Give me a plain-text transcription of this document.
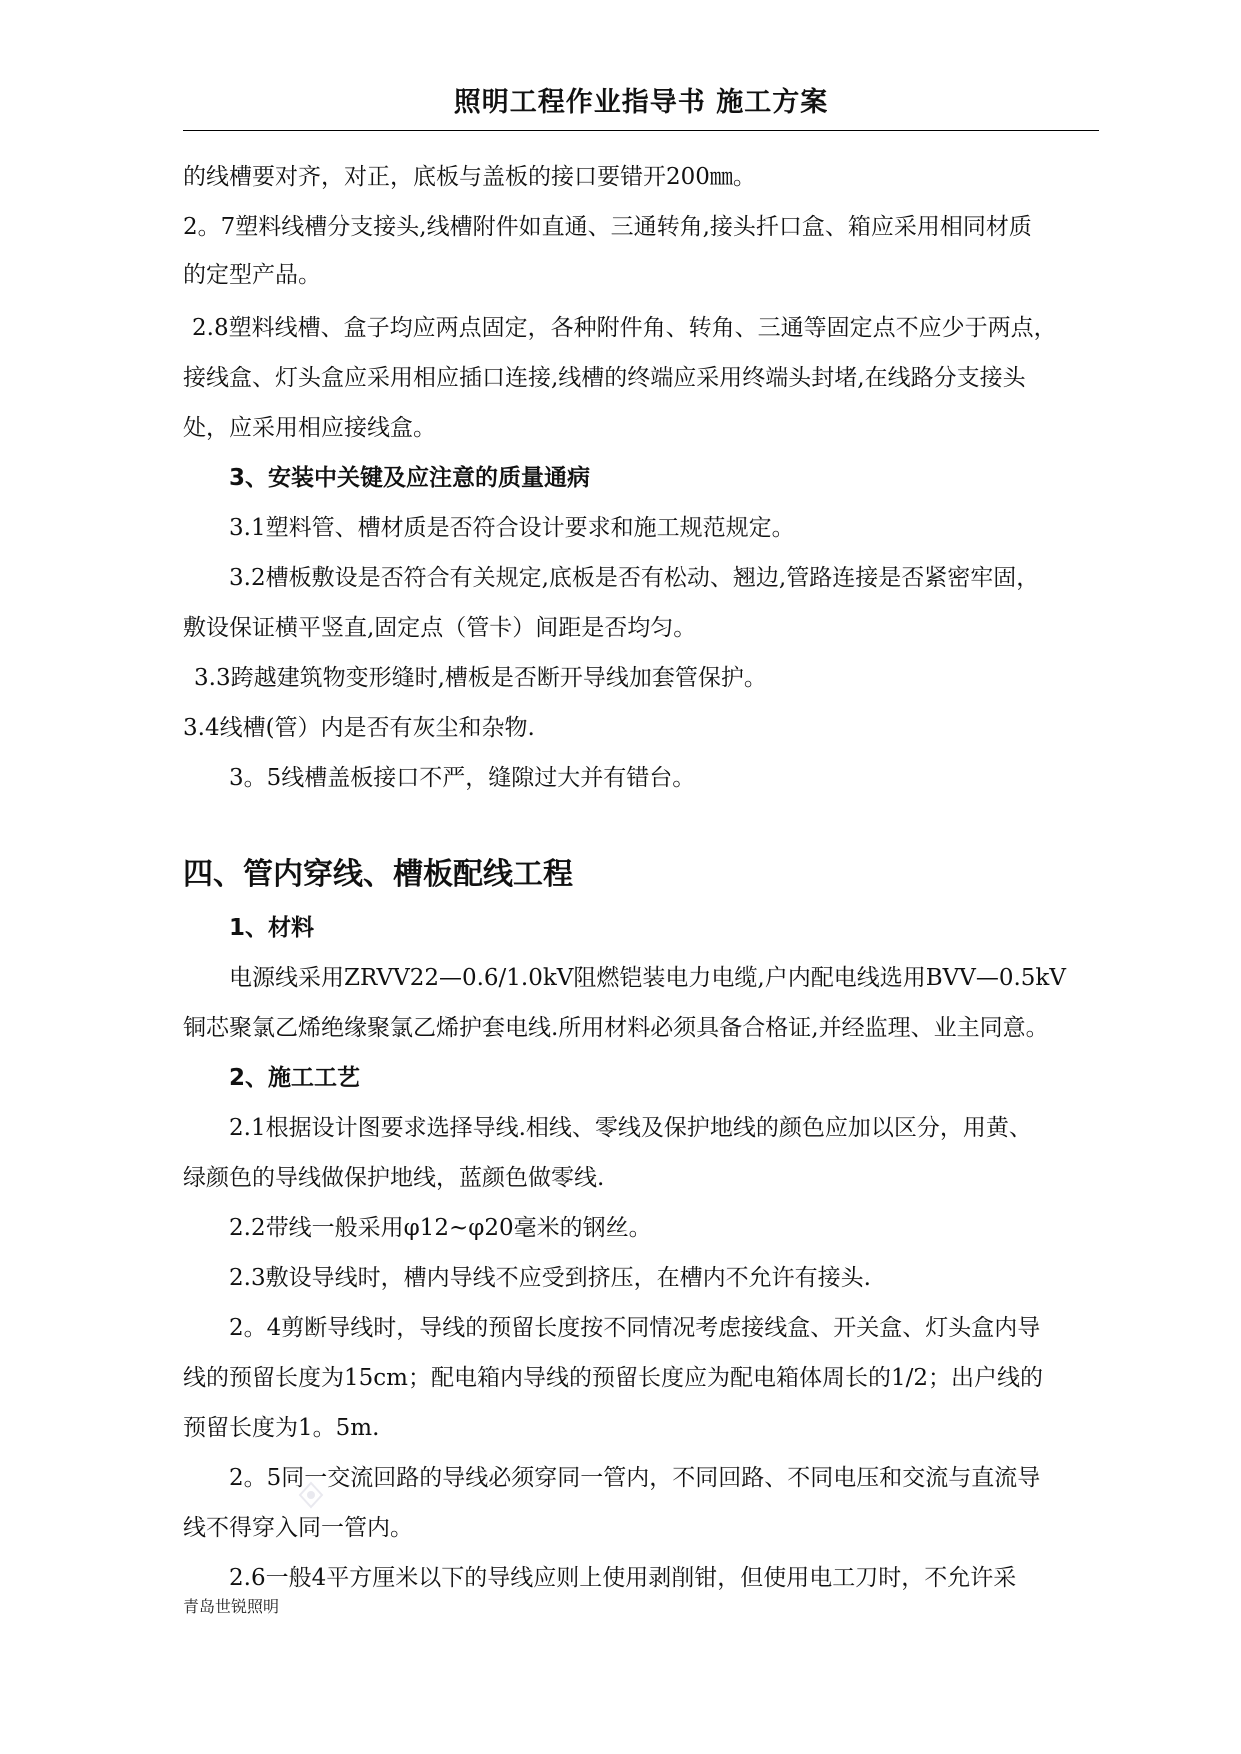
照明工程作业指导书 施工方案
的线槽要对齐，对正，底板与盖板的接口要错开200㎜。
2。7塑料线槽分支接头,线槽附件如直通、三通转角,接头扦口盒、箱应采用相同材质
的定型产品。
2.8塑料线槽、盒子均应两点固定，各种附件角、转角、三通等固定点不应少于两点，
接线盒、灯头盒应采用相应插口连接,线槽的终端应采用终端头封堵,在线路分支接头
处，应采用相应接线盒。
3、安装中关键及应注意的质量通病
3.1塑料管、槽材质是否符合设计要求和施工规范规定。
3.2槽板敷设是否符合有关规定,底板是否有松动、翘边,管路连接是否紧密牢固，
敷设保证横平竖直,固定点（管卡）间距是否均匀。
3.3跨越建筑物变形缝时,槽板是否断开导线加套管保护。
3.4线槽(管）内是否有灰尘和杂物.
3。5线槽盖板接口不严，缝隙过大并有错台。
四、管内穿线、槽板配线工程
1、材料
电源线采用ZRVV22—0.6/1.0kV阻燃铠装电力电缆,户内配电线选用BVV—0.5kV
铜芯聚氯乙烯绝缘聚氯乙烯护套电线.所用材料必须具备合格证,并经监理、业主同意。
2、施工工艺
2.1根据设计图要求选择导线.相线、零线及保护地线的颜色应加以区分，用黄、
绿颜色的导线做保护地线，蓝颜色做零线.
2.2带线一般采用φ12~φ20毫米的钢丝。
2.3敷设导线时，槽内导线不应受到挤压，在槽内不允许有接头.
2。4剪断导线时，导线的预留长度按不同情况考虑接线盒、开关盒、灯头盒内导
线的预留长度为15cm；配电箱内导线的预留长度应为配电箱体周长的1/2；出户线的
预留长度为1。5m.
2。5同一交流回路的导线必须穿同一管内，不同回路、不同电压和交流与直流导
线不得穿入同一管内。
2.6一般4平方厘米以下的导线应则上使用剥削钳，但使用电工刀时，不允许采
青岛世锐照明
